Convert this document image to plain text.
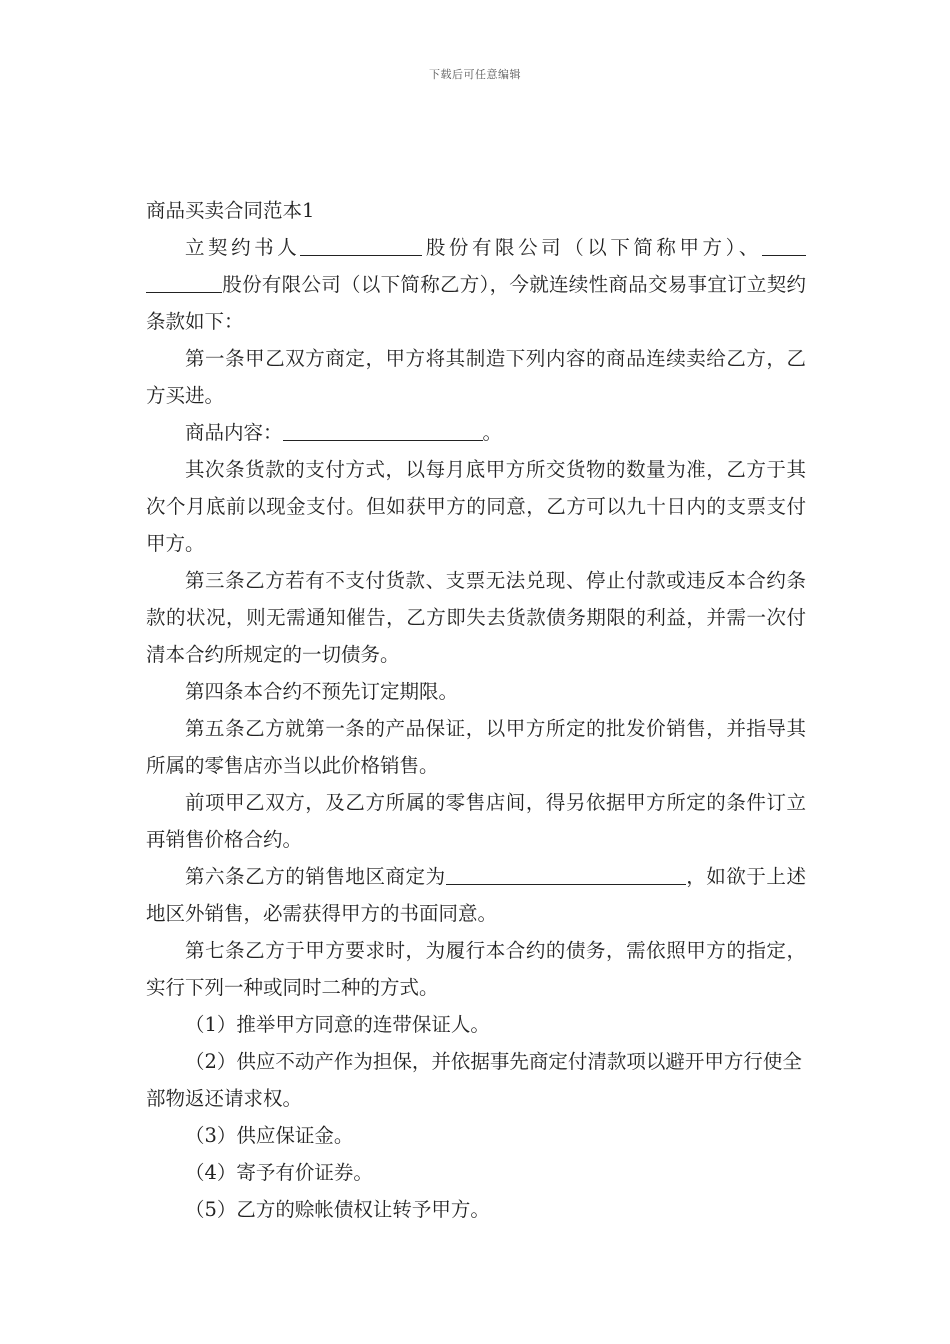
下载后可任意编辑
商品买卖合同范本1

立契约书人	股份有限公司（以下简称甲方）、股份有限公司（以下简称乙方），今就连续性商品交易事宜订立契约条款如下：

第一条甲乙双方商定，甲方将其制造下列内容的商品连续卖给乙方，乙方买进。

商品内容：	。

其次条货款的支付方式，以每月底甲方所交货物的数量为准，乙方于其次个月底前以现金支付。但如获甲方的同意，乙方可以九十日内的支票支付甲方。

第三条乙方若有不支付货款、支票无法兑现、停止付款或违反本合约条款的状况，则无需通知催告，乙方即失去货款债务期限的利益，并需一次付清本合约所规定的一切债务。

第四条本合约不预先订定期限。

第五条乙方就第一条的产品保证，以甲方所定的批发价销售，并指导其所属的零售店亦当以此价格销售。

前项甲乙双方，及乙方所属的零售店间，得另依据甲方所定的条件订立再销售价格合约。

第六条乙方的销售地区商定为	，如欲于上述地区外销售，必需获得甲方的书面同意。

第七条乙方于甲方要求时，为履行本合约的债务，需依照甲方的指定，实行下列一种或同时二种的方式。

（1）推举甲方同意的连带保证人。

（2）供应不动产作为担保，并依据事先商定付清款项以避开甲方行使全部物返还请求权。

（3）供应保证金。

（4）寄予有价证券。

（5）乙方的赊帐债权让转予甲方。
